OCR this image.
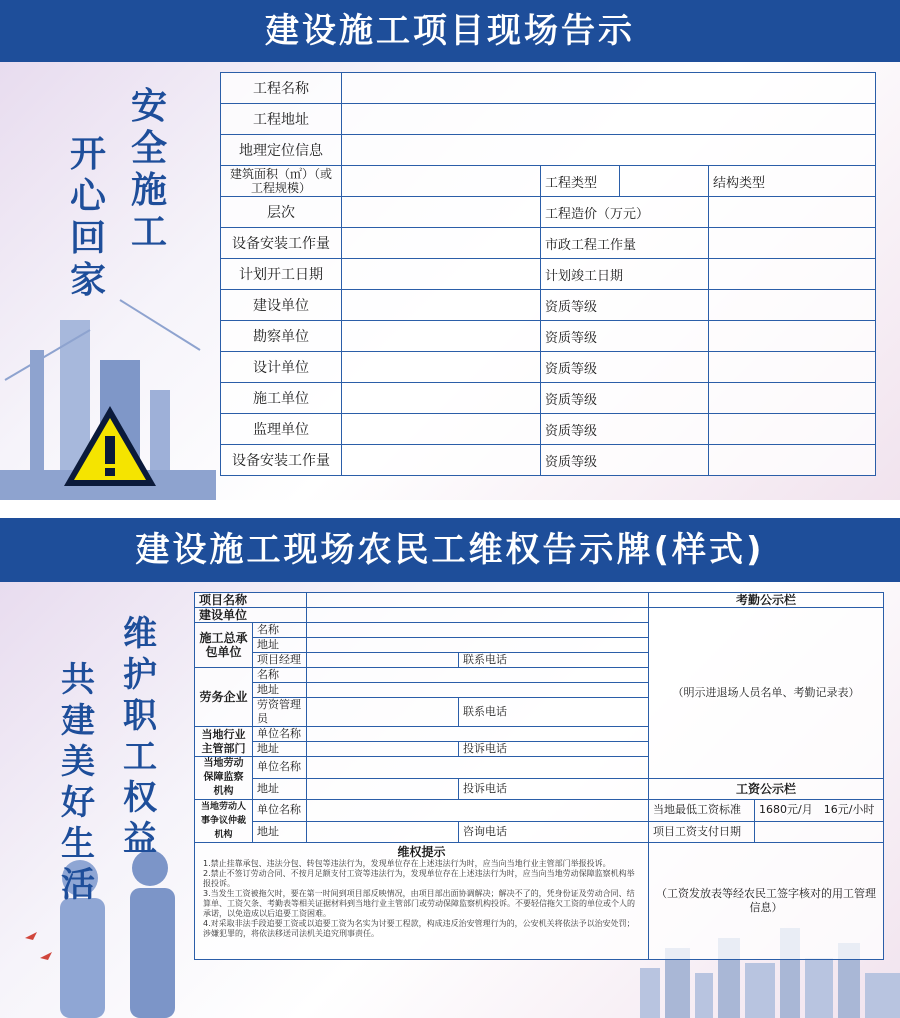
建设施工项目现场告示
安全施工
开心回家
工程名称				
工程地址				
地理定位信息				
建筑面积（㎡）（或工程规模）		工程类型		结构类型
层次		工程造价（万元）		
设备安装工作量		市政工程工作量		
计划开工日期		计划竣工日期		
建设单位		资质等级		
勘察单位		资质等级		
设计单位		资质等级		
施工单位		资质等级		
监理单位		资质等级		
设备安装工作量		资质等级		
建设施工现场农民工维权告示牌(样式)
维护职工权益
共建美好生活
项目名称				考勤公示栏	
建设单位				（明示进退场人员名单、考勤记录表）	
施工总承包单位	名称				
	地址				
	项目经理		联系电话		
劳务企业	名称				
	地址				
	劳资管理员		联系电话		
当地行业主管部门	单位名称				
	地址		投诉电话		
当地劳动保障监察机构	单位名称				
	地址		投诉电话	工资公示栏	
当地劳动人事争议仲裁机构	单位名称			当地最低工资标准	1680元/月　16元/小时
	地址		咨询电话	项目工资支付日期	

维权提示
1.禁止挂靠承包、违法分包、转包等违法行为，发现单位存在上述违法行为时，应当向当地行业主管部门举报投诉。
2.禁止不签订劳动合同、不按月足额支付工资等违法行为，发现单位存在上述违法行为时，应当向当地劳动保障监察机构举报投诉。
3.当发生工资被拖欠时，要在第一时间到项目部反映情况，由项目部出面协调解决；解决不了的，凭身份证及劳动合同、结算单、工资欠条、考勤表等相关证据材料到当地行业主管部门或劳动保障监察机构投诉。不要轻信拖欠工资的单位或个人的承诺，以免造成以后追要工资困难。
4.对采取非法手段追要工资或以追要工资为名实为讨要工程款，构成违反治安管理行为的，公安机关将依法予以治安处罚；涉嫌犯罪的，将依法移送司法机关追究刑事责任。				（工资发放表等经农民工签字核对的用工管理信息）	
